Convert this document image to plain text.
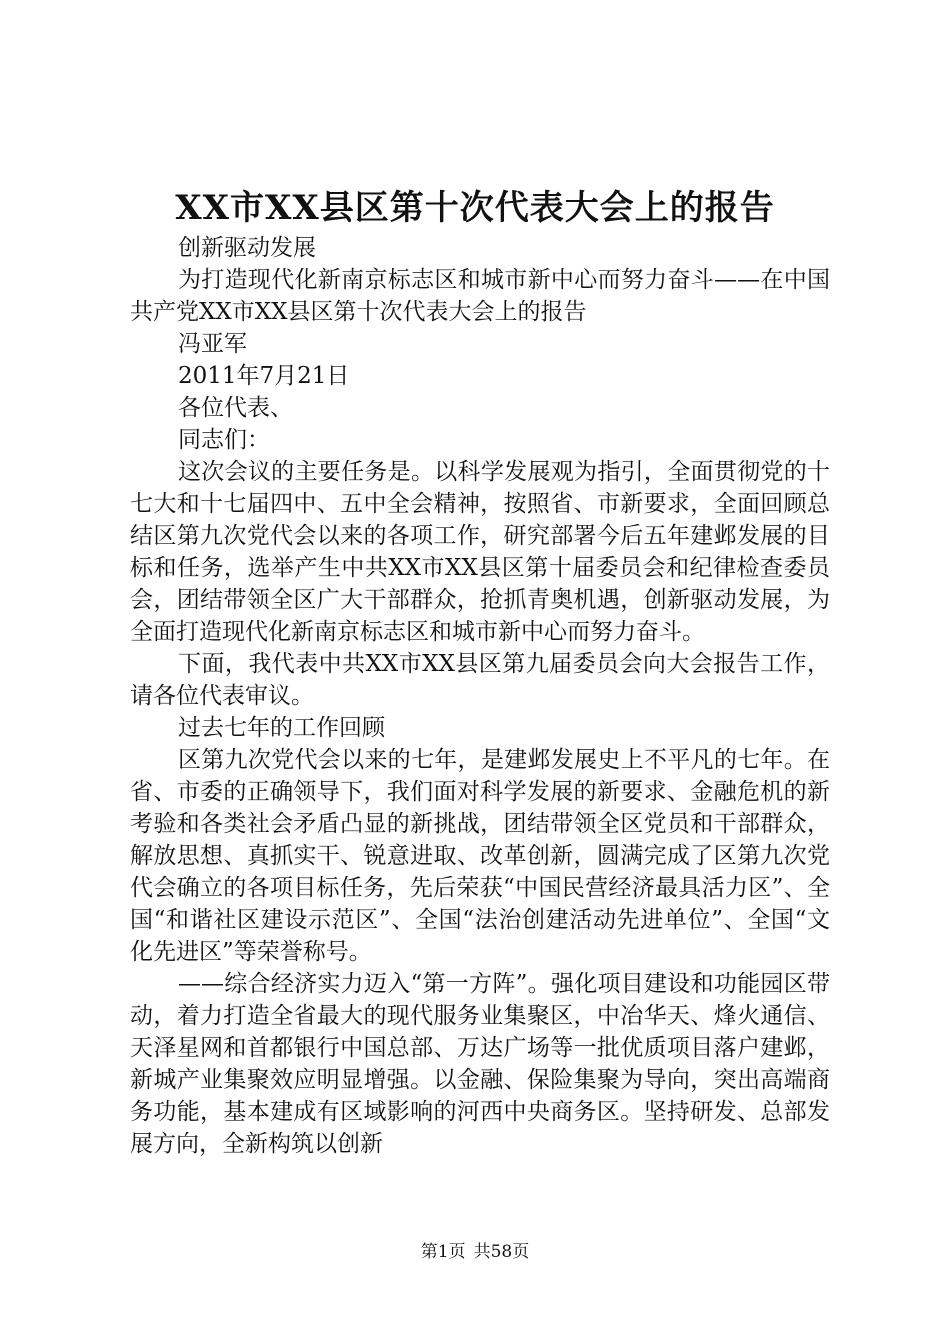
XX市XX县区第十次代表大会上的报告

创新驱动发展

为打造现代化新南京标志区和城市新中心而努力奋斗——在中国共产党XX市XX县区第十次代表大会上的报告

冯亚军

2011年7月21日

各位代表、

同志们：

这次会议的主要任务是。以科学发展观为指引，全面贯彻党的十七大和十七届四中、五中全会精神，按照省、市新要求，全面回顾总结区第九次党代会以来的各项工作，研究部署今后五年建邺发展的目标和任务，选举产生中共XX市XX县区第十届委员会和纪律检查委员会，团结带领全区广大干部群众，抢抓青奥机遇，创新驱动发展，为全面打造现代化新南京标志区和城市新中心而努力奋斗。

下面，我代表中共XX市XX县区第九届委员会向大会报告工作，请各位代表审议。

过去七年的工作回顾

区第九次党代会以来的七年，是建邺发展史上不平凡的七年。在省、市委的正确领导下，我们面对科学发展的新要求、金融危机的新考验和各类社会矛盾凸显的新挑战，团结带领全区党员和干部群众，解放思想、真抓实干、锐意进取、改革创新，圆满完成了区第九次党代会确立的各项目标任务，先后荣获“中国民营经济最具活力区”、全国“和谐社区建设示范区”、全国“法治创建活动先进单位”、全国“文化先进区”等荣誉称号。

——综合经济实力迈入“第一方阵”。强化项目建设和功能园区带动，着力打造全省最大的现代服务业集聚区，中冶华天、烽火通信、天泽星网和首都银行中国总部、万达广场等一批优质项目落户建邺，新城产业集聚效应明显增强。以金融、保险集聚为导向，突出高端商务功能，基本建成有区域影响的河西中央商务区。坚持研发、总部发展方向，全新构筑以创新

第1页 共58页
